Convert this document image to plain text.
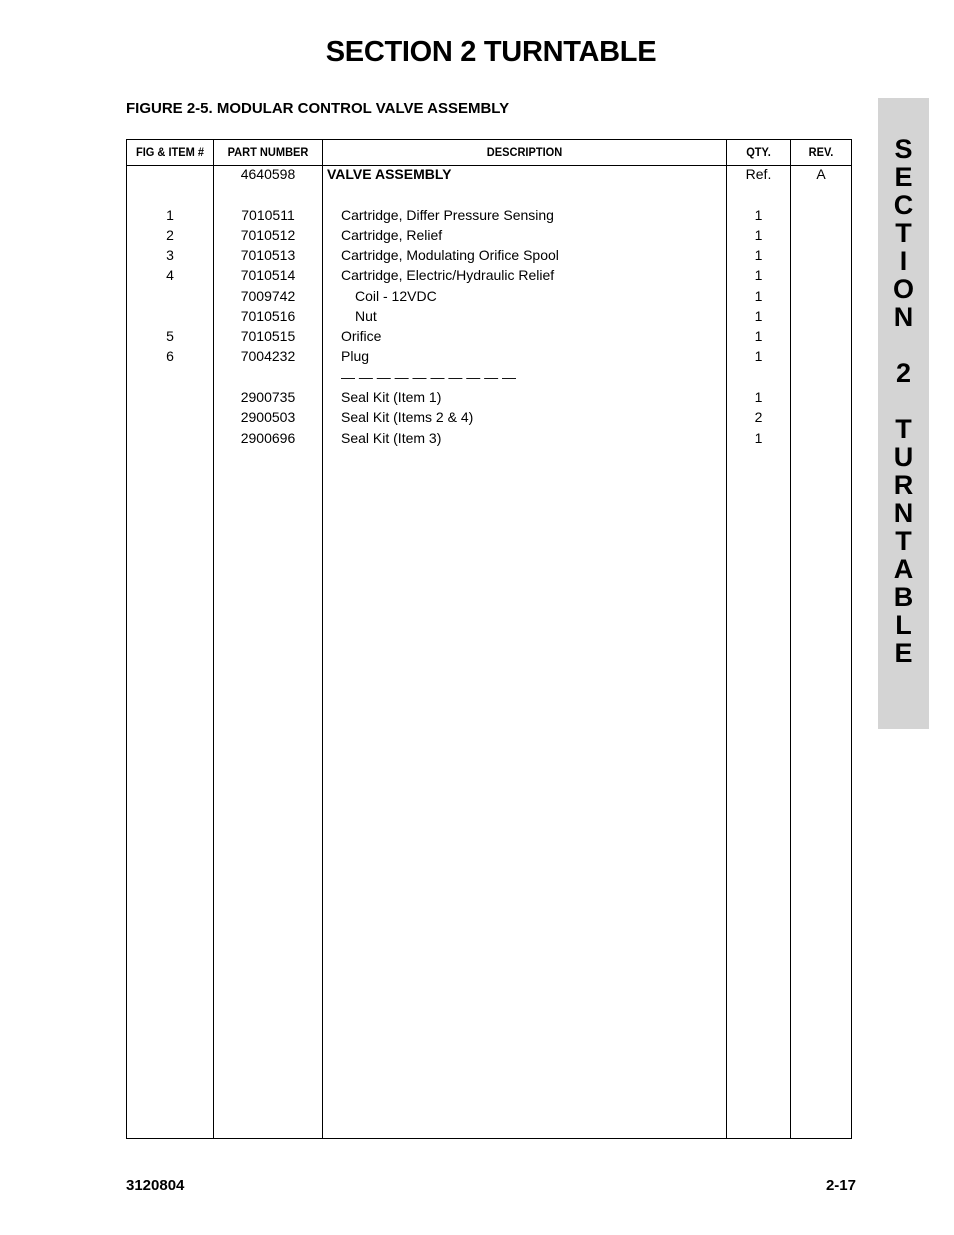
SECTION 2 TURNTABLE
FIGURE 2-5. MODULAR CONTROL VALVE ASSEMBLY
S
E
C
T
I
O
N
2
T
U
R
N
T
A
B
L
E
FIG & ITEM #	PART NUMBER	DESCRIPTION	QTY.	REV.
4640598	VALVE ASSEMBLY	Ref.	A
1	7010511	Cartridge, Differ Pressure Sensing	1
2	7010512	Cartridge, Relief	1
3	7010513	Cartridge, Modulating Orifice Spool	1
4	7010514	Cartridge, Electric/Hydraulic Relief	1
7009742	Coil - 12VDC	1
7010516	Nut	1
5	7010515	Orifice	1
6	7004232	Plug	1
— — — — — — — — — —
2900735	Seal Kit (Item 1)	1
2900503	Seal Kit (Items 2 & 4)	2
2900696	Seal Kit (Item 3)	1
3120804	2-17
